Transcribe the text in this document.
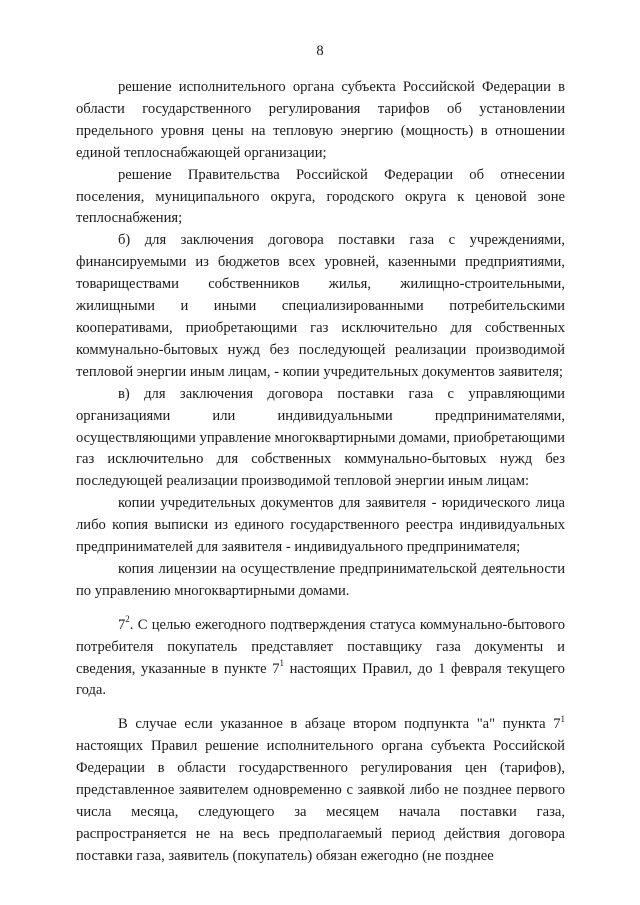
8

решение исполнительного органа субъекта Российской Федерации в области государственного регулирования тарифов об установлении предельного уровня цены на тепловую энергию (мощность) в отношении единой теплоснабжающей организации;

решение Правительства Российской Федерации об отнесении поселения, муниципального округа, городского округа к ценовой зоне теплоснабжения;

б) для заключения договора поставки газа с учреждениями, финансируемыми из бюджетов всех уровней, казенными предприятиями, товариществами собственников жилья, жилищно-строительными, жилищными и иными специализированными потребительскими кооперативами, приобретающими газ исключительно для собственных коммунально-бытовых нужд без последующей реализации производимой тепловой энергии иным лицам, - копии учредительных документов заявителя;

в) для заключения договора поставки газа с управляющими организациями или индивидуальными предпринимателями, осуществляющими управление многоквартирными домами, приобретающими газ исключительно для собственных коммунально-бытовых нужд без последующей реализации производимой тепловой энергии иным лицам:

копии учредительных документов для заявителя - юридического лица либо копия выписки из единого государственного реестра индивидуальных предпринимателей для заявителя - индивидуального предпринимателя;

копия лицензии на осуществление предпринимательской деятельности по управлению многоквартирными домами.

$7^2$. С целью ежегодного подтверждения статуса коммунально-бытового потребителя покупатель представляет поставщику газа документы и сведения, указанные в пункте $7^1$ настоящих Правил, до 1 февраля текущего года.

В случае если указанное в абзаце втором подпункта "а" пункта $7^1$ настоящих Правил решение исполнительного органа субъекта Российской Федерации в области государственного регулирования цен (тарифов), представленное заявителем одновременно с заявкой либо не позднее первого числа месяца, следующего за месяцем начала поставки газа, распространяется не на весь предполагаемый период действия договора поставки газа, заявитель (покупатель) обязан ежегодно (не позднее
